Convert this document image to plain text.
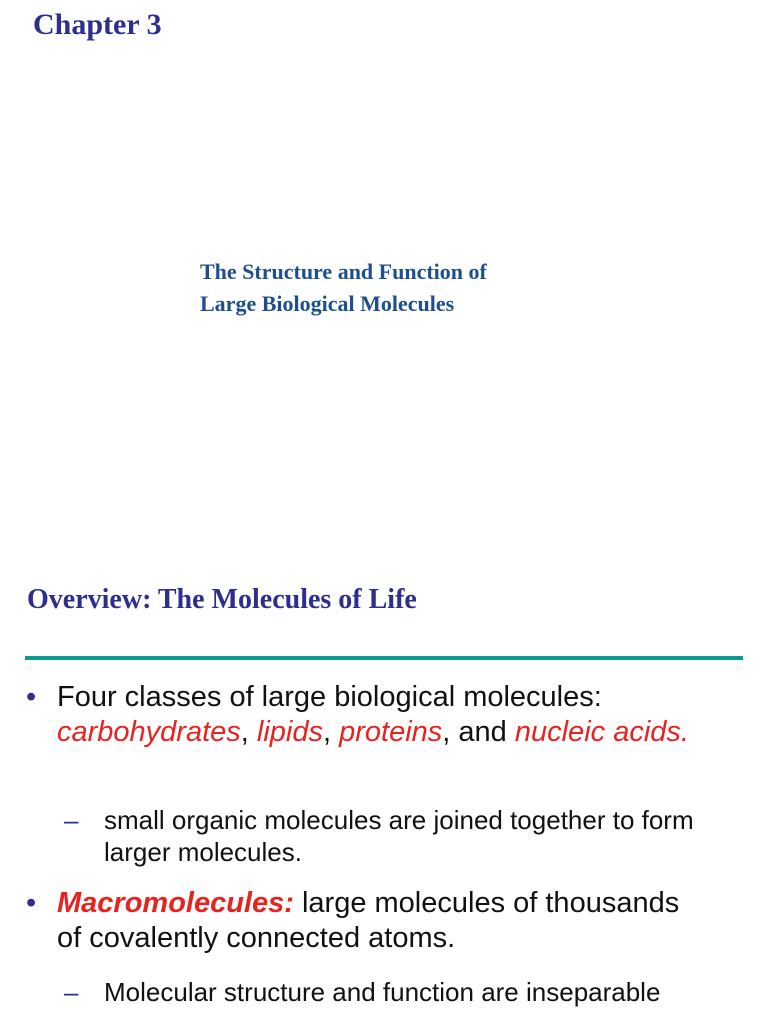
Chapter 3

The Structure and Function of
Large Biological Molecules

Overview: The Molecules of Life
• Four classes of large biological molecules: carbohydrates, lipids, proteins, and nucleic acids.

– small organic molecules are joined together to form larger molecules.

• Macromolecules: large molecules of thousands of covalently connected atoms.

– Molecular structure and function are inseparable
